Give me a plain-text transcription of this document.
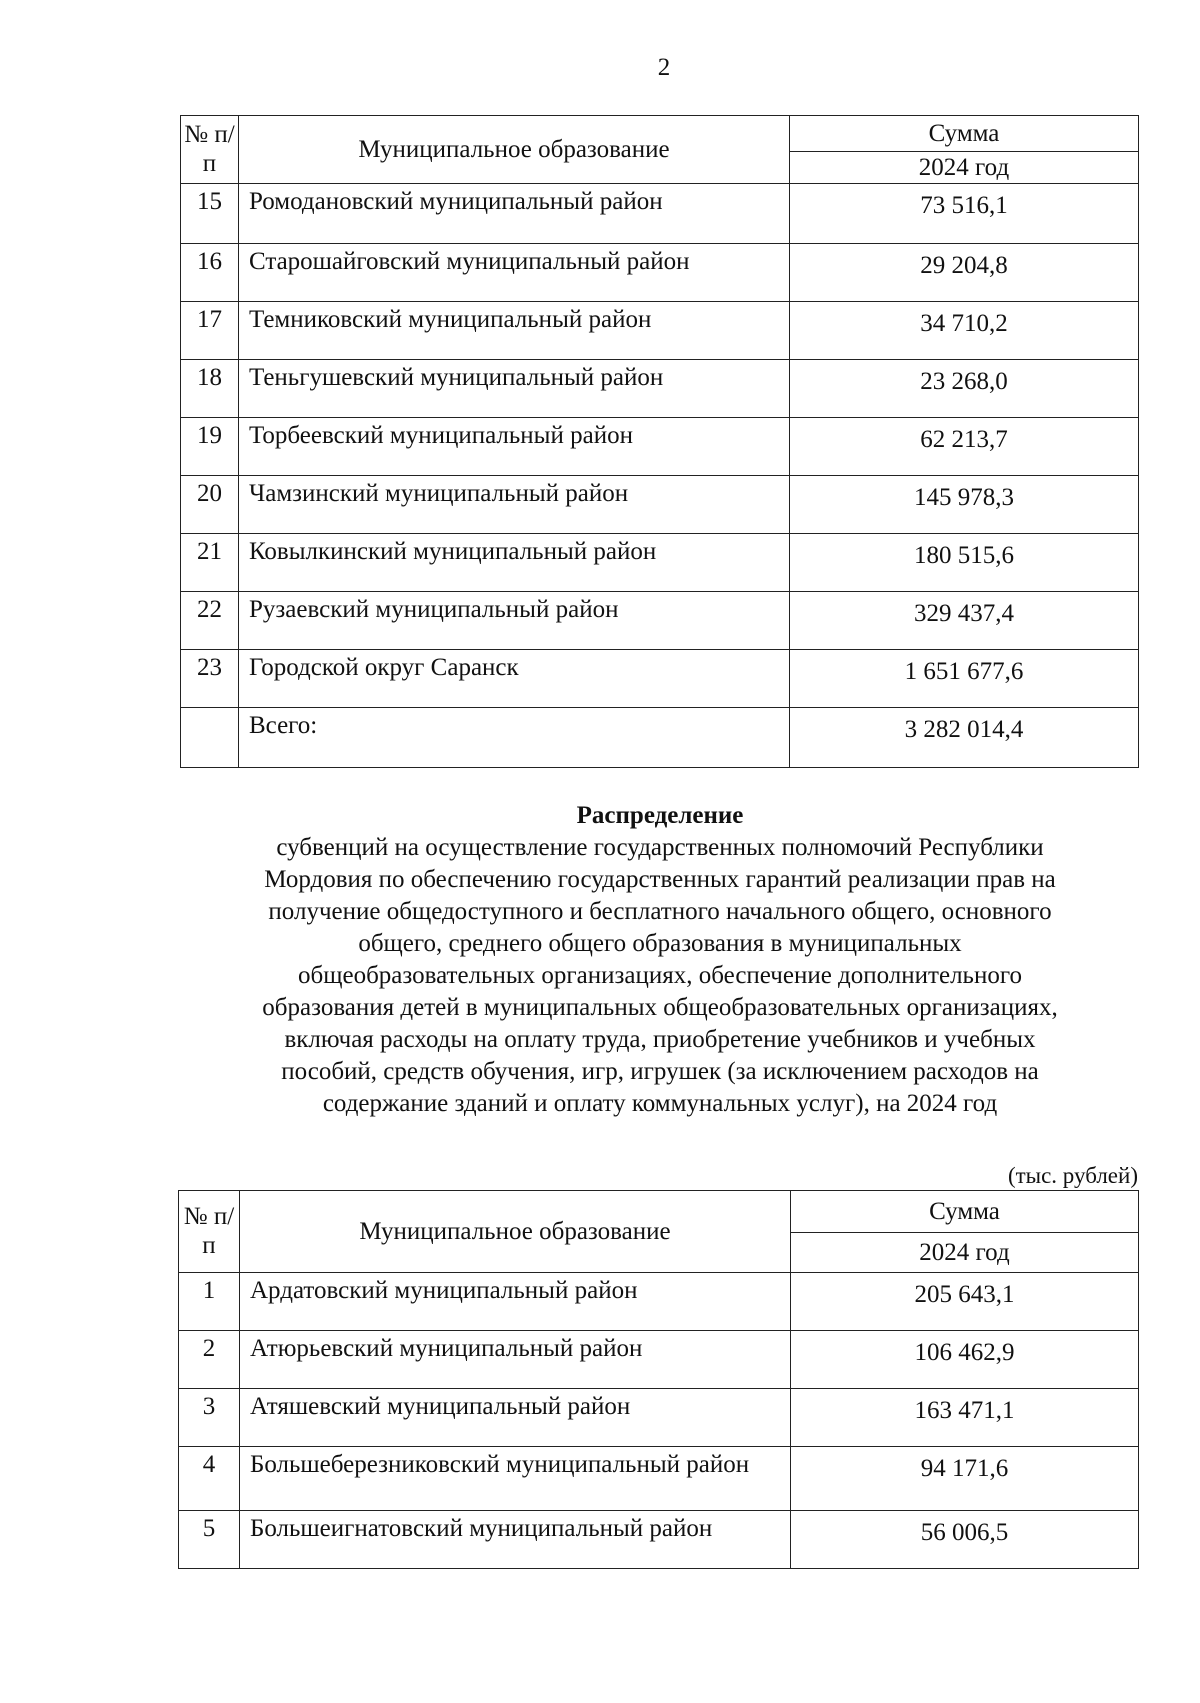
2
№ п/п	Муниципальное образование	Сумма
		2024 год
15	Ромодановский муниципальный район	73 516,1
16	Старошайговский муниципальный район	29 204,8
17	Темниковский муниципальный район	34 710,2
18	Теньгушевский муниципальный район	23 268,0
19	Торбеевский муниципальный район	62 213,7
20	Чамзинский муниципальный район	145 978,3
21	Ковылкинский муниципальный район	180 515,6
22	Рузаевский муниципальный район	329 437,4
23	Городской округ Саранск	1 651 677,6
	Всего:	3 282 014,4
Распределение
субвенций на осуществление государственных полномочий Республики
Мордовия по обеспечению государственных гарантий реализации прав на
получение общедоступного и бесплатного начального общего, основного
общего, среднего общего образования в муниципальных
общеобразовательных организациях, обеспечение дополнительного
образования детей в муниципальных общеобразовательных организациях,
включая расходы на оплату труда, приобретение учебников и учебных
пособий, средств обучения, игр, игрушек (за исключением расходов на
содержание зданий и оплату коммунальных услуг), на 2024 год
(тыс. рублей)
№ п/п	Муниципальное образование	Сумма
		2024 год
1	Ардатовский муниципальный район	205 643,1
2	Атюрьевский муниципальный район	106 462,9
3	Атяшевский муниципальный район	163 471,1
4	Большеберезниковский муниципальный район	94 171,6
5	Большеигнатовский муниципальный район	56 006,5
